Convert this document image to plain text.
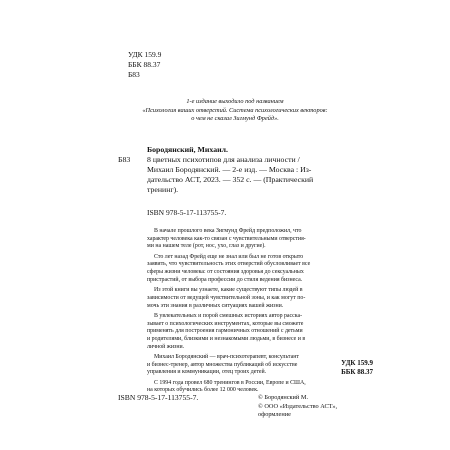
УДК 159.9
ББК 88.37
Б83
1-е издание выходило под названием
«Психология ваших отверстий. Система психологических векторов:
о чем не сказал Зигмунд Фрейд».
Бородянский, Михаил.
Б83 8 цветных психотипов для анализа личности /
Михаил Бородянский. — 2-е изд. — Москва : Из-
дательство АСТ, 2023. — 352 с. — (Практический
тренинг).
ISBN 978-5-17-113755-7.

В начале прошлого века Зигмунд Фрейд предположил, что
характер человека как-то связан с чувствительными отверстия-
ми на нашем теле (рот, нос, ухо, глаз и другие).

Сто лет назад Фрейд еще не знал или был не готов открыто
заявить, что чувствительность этих отверстий обусловливает все
сферы жизни человека: от состояния здоровья до сексуальных
пристрастий, от выбора профессии до стиля ведения бизнеса.

Из этой книги вы узнаете, какие существуют типы людей в
зависимости от ведущей чувствительной зоны, и как могут по-
мочь эти знания в различных ситуациях вашей жизни.

В увлекательных и порой смешных историях автор расска-
зывает о психологических инструментах, которые вы сможете
применять для построения гармоничных отношений с детьми
и родителями, близкими и незнакомыми людьми, в бизнесе и в
личной жизни.

Михаил Бородянский — врач-психотерапевт, консультант
и бизнес-тренер, автор множества публикаций об искусстве
управления и коммуникации, отец троих детей.

С 1994 года провел 680 тренингов в России, Европе и США,
на которых обучились более 12 000 человек.

УДК 159.9
ББК 88.37
ISBN 978-5-17-113755-7.	© Бородянский М.
© ООО «Издательство АСТ»,
оформление
